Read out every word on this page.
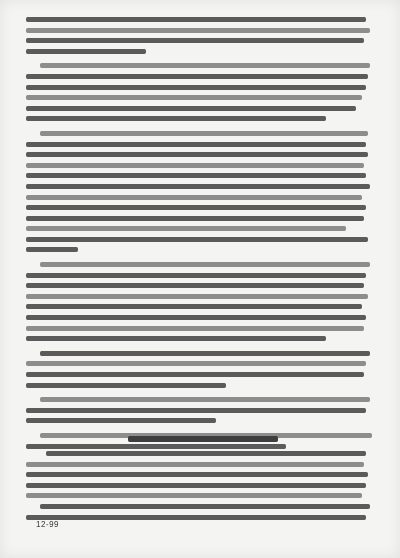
12-99
